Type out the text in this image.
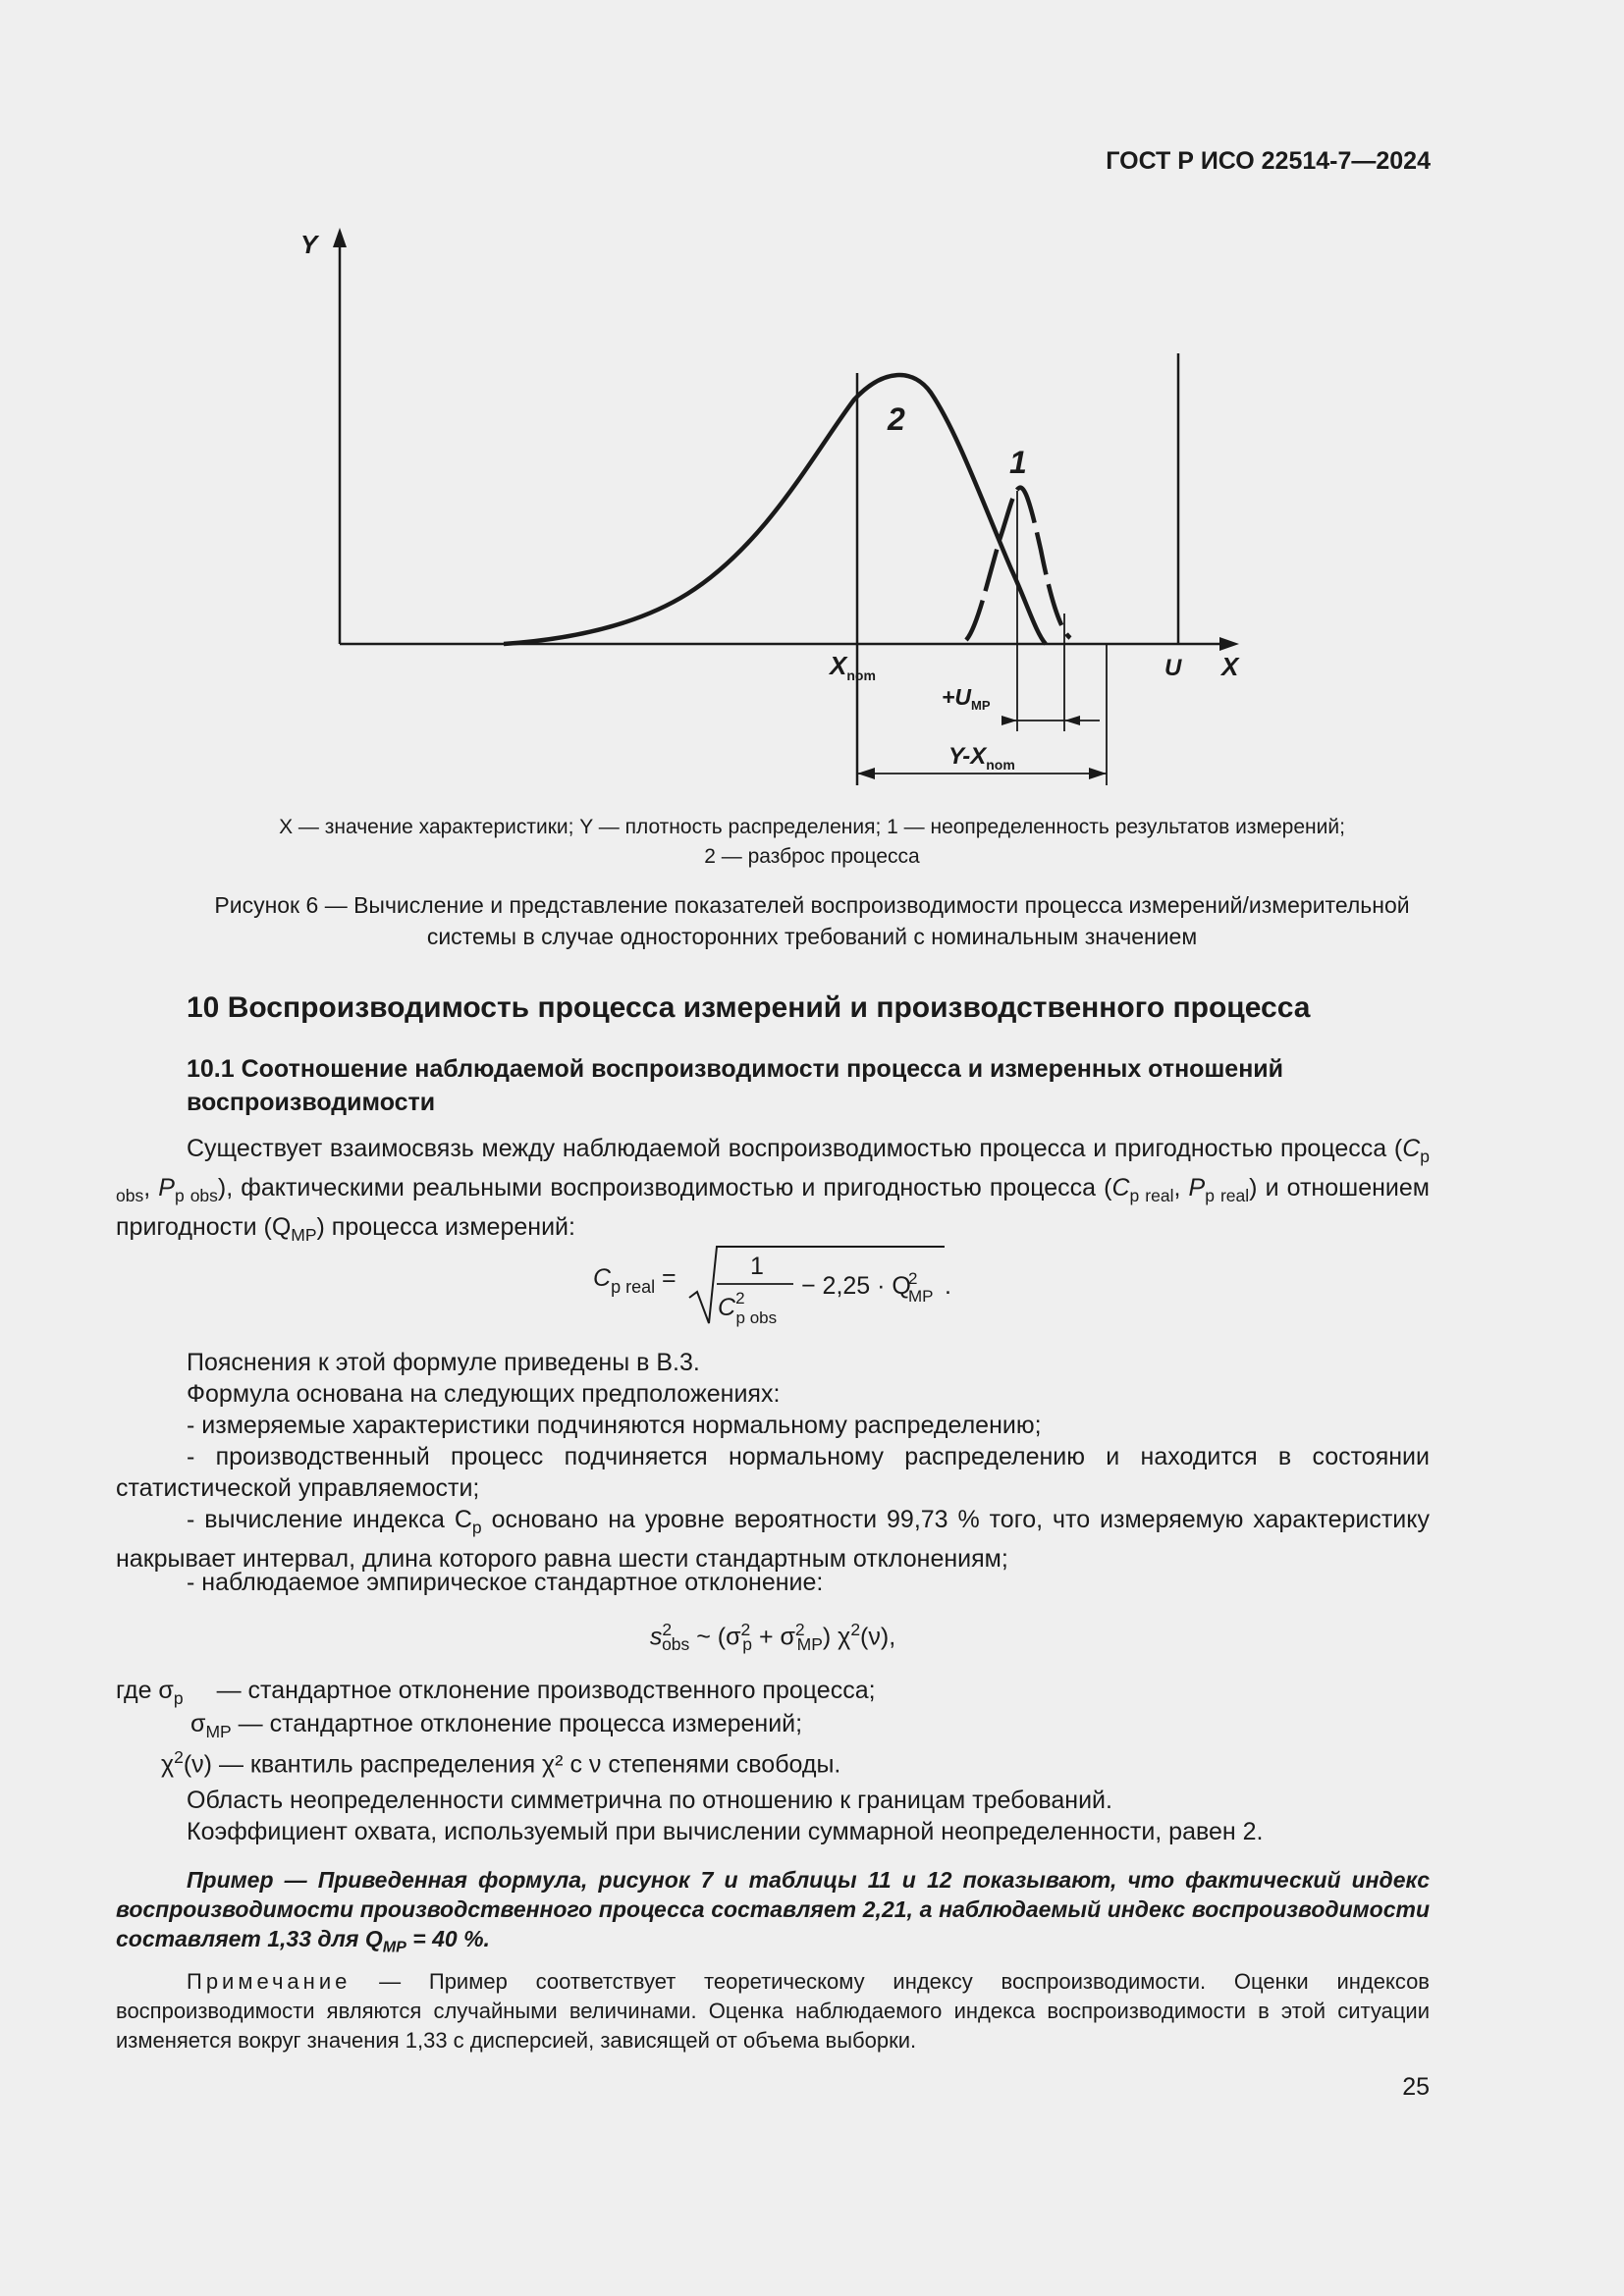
ГОСТ Р ИСО 22514-7—2024
Y
X
U
$X_{nom}$
$+U_{MP}$
$Y-X_{nom}$
2
1
X — значение характеристики; Y — плотность распределения; 1 — неопределенность результатов измерений;
2 — разброс процесса
Рисунок 6 — Вычисление и представление показателей воспроизводимости процесса измерений/измерительной
системы в случае односторонних требований с номинальным значением
10 Воспроизводимость процесса измерений и производственного процесса
10.1 Соотношение наблюдаемой воспроизводимости процесса и измеренных отношений воспроизводимости
Существует взаимосвязь между наблюдаемой воспроизводимостью процесса и пригодностью процесса ($C_{p obs}$, $P_{p obs}$), фактическими реальными воспроизводимостью и пригодностью процесса ($C_{p real}$, $P_{p real}$) и отношением пригодности $(Q_{MP})$ процесса измерений:
$C_{p real}$ =	1
$C^2$ p obs
− 2,25 · Q
2
MP .
Пояснения к этой формуле приведены в В.3.
Формула основана на следующих предположениях:
- измеряемые характеристики подчиняются нормальному распределению;
- производственный процесс подчиняется нормальному распределению и находится в состоянии статистической управляемости;
- вычисление индекса $C_p$ основано на уровне вероятности 99,73 % того, что измеряемую характеристику накрывает интервал, длина которого равна шести стандартным отклонениям;
- наблюдаемое эмпирическое стандартное отклонение:
$s^2_{obs}$ ~ $(\sigma^2_p + \sigma^2_{MP})$ $\chi^2(\nu)$,
где $\sigma_p$ — стандартное отклонение производственного процесса;
$\sigma_{MP}$ — стандартное отклонение процесса измерений;
$\chi^2(\nu)$ — квантиль распределения χ² с ν степенями свободы.
Область неопределенности симметрична по отношению к границам требований.
Коэффициент охвата, используемый при вычислении суммарной неопределенности, равен 2.
Пример — Приведенная формула, рисунок 7 и таблицы 11 и 12 показывают, что фактический индекс воспроизводимости производственного процесса составляет 2,21, а наблюдаемый индекс воспроизводимости составляет 1,33 для $Q_{MP} = 40$ %.
Примечание — Пример соответствует теоретическому индексу воспроизводимости. Оценки индексов воспроизводимости являются случайными величинами. Оценка наблюдаемого индекса воспроизводимости в этой ситуации изменяется вокруг значения 1,33 с дисперсией, зависящей от объема выборки.
25
